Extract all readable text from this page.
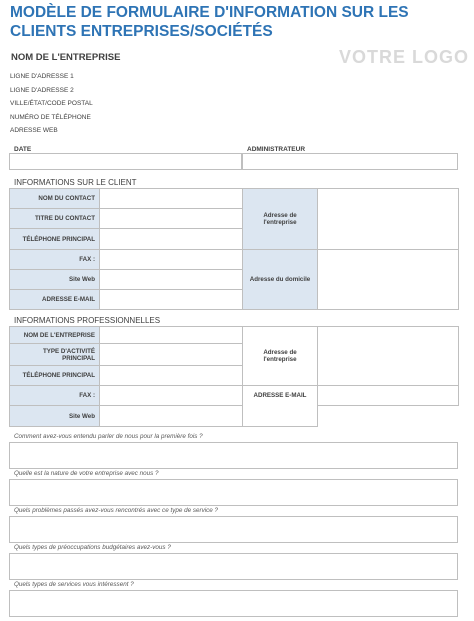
MODÈLE DE FORMULAIRE D'INFORMATION SUR LES CLIENTS ENTREPRISES/SOCIÉTÉS
NOM DE L'ENTREPRISE	VOTRE LOGO
LIGNE D'ADRESSE 1
LIGNE D'ADRESSE 2
VILLE/ÉTAT/CODE POSTAL
NUMÉRO DE TÉLÉPHONE
ADRESSE WEB
DATE	ADMINISTRATEUR
INFORMATIONS SUR LE CLIENT
NOM DU CONTACT		Adresse de l'entreprise	
TITRE DU CONTACT			
TÉLÉPHONE PRINCIPAL			
FAX :		Adresse du domicile	
Site Web			
ADRESSE E-MAIL			
INFORMATIONS PROFESSIONNELLES
NOM DE L'ENTREPRISE		Adresse de l'entreprise	
TYPE D'ACTIVITÉ PRINCIPAL			
TÉLÉPHONE PRINCIPAL			
FAX :		ADRESSE E-MAIL	
Site Web			
Comment avez-vous entendu parler de nous pour la première fois ?
Quelle est la nature de votre entreprise avec nous ?
Quels problèmes passés avez-vous rencontrés avec ce type de service ?
Quels types de préoccupations budgétaires avez-vous ?
Quels types de services vous intéressent ?
